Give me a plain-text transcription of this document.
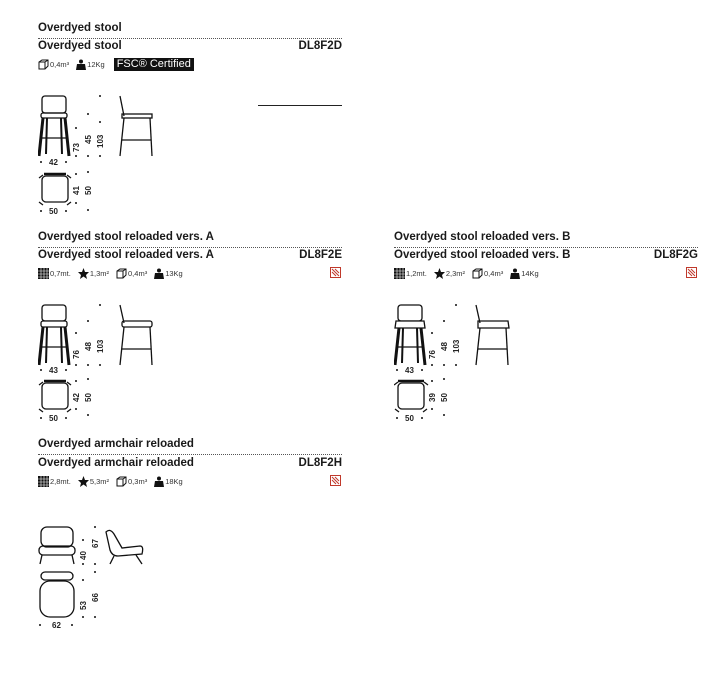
Overdyed stool
Overdyed stool	DL8F2D
0,4m³ 12Kg FSC® Certified
73
45 103
42
41 50
50
Overdyed stool reloaded vers. A
Overdyed stool reloaded vers. A	DL8F2E
0,7mt.	1,3m²	0,4m³ 13Kg
76
48 103
43
42 50
50
Overdyed stool reloaded vers. B
Overdyed stool reloaded vers. B	DL8F2G
1,2mt.	2,3m²	0,4m³ 14Kg
76
48 103
43
39 50
50
Overdyed armchair reloaded
Overdyed armchair reloaded	DL8F2H
2,8mt.	5,3m²	0,3m³ 18Kg
40
67
53
66
62
